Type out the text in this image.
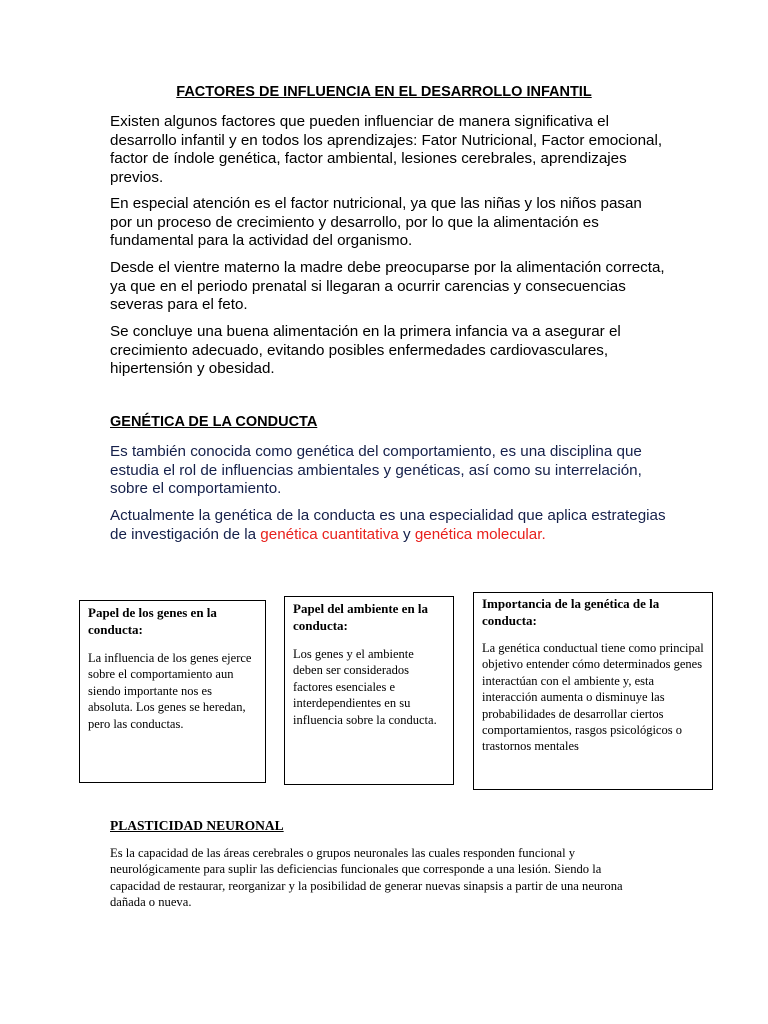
FACTORES DE INFLUENCIA EN EL DESARROLLO INFANTIL

Existen algunos factores que pueden influenciar de manera significativa el desarrollo infantil y en todos los aprendizajes: Fator Nutricional, Factor emocional, factor de índole genética, factor ambiental, lesiones cerebrales, aprendizajes previos.

En especial atención es el factor nutricional, ya que las niñas y los niños pasan por un proceso de crecimiento y desarrollo, por lo que la alimentación es fundamental para la actividad del organismo.

Desde el vientre materno la madre debe preocuparse por la alimentación correcta, ya que en el periodo prenatal si llegaran a ocurrir carencias y consecuencias severas para el feto.

Se concluye una buena alimentación en la primera infancia va a asegurar el crecimiento adecuado, evitando posibles enfermedades cardiovasculares, hipertensión y obesidad.

GENÉTICA DE LA CONDUCTA

Es también conocida como genética del comportamiento, es una disciplina que estudia el rol de influencias ambientales y genéticas, así como su interrelación, sobre el comportamiento.

Actualmente la genética de la conducta es una especialidad que aplica estrategias de investigación de la genética cuantitativa y genética molecular.

Papel de los genes en la conducta:

La influencia de los genes ejerce sobre el comportamiento aun siendo importante nos es absoluta. Los genes se heredan, pero las conductas.

Papel del ambiente en la conducta:

Los genes y el ambiente deben ser considerados factores esenciales e interdependientes en su influencia sobre la conducta.

Importancia de la genética de la conducta:

La genética conductual tiene como principal objetivo entender cómo determinados genes interactúan con el ambiente y, esta interacción aumenta o disminuye las probabilidades de desarrollar ciertos comportamientos, rasgos psicológicos o trastornos mentales

PLASTICIDAD NEURONAL

Es la capacidad de las áreas cerebrales o grupos neuronales las cuales responden funcional y neurológicamente para suplir las deficiencias funcionales que corresponde a una lesión. Siendo la capacidad de restaurar, reorganizar y la posibilidad de generar nuevas sinapsis a partir de una neurona dañada o nueva.
